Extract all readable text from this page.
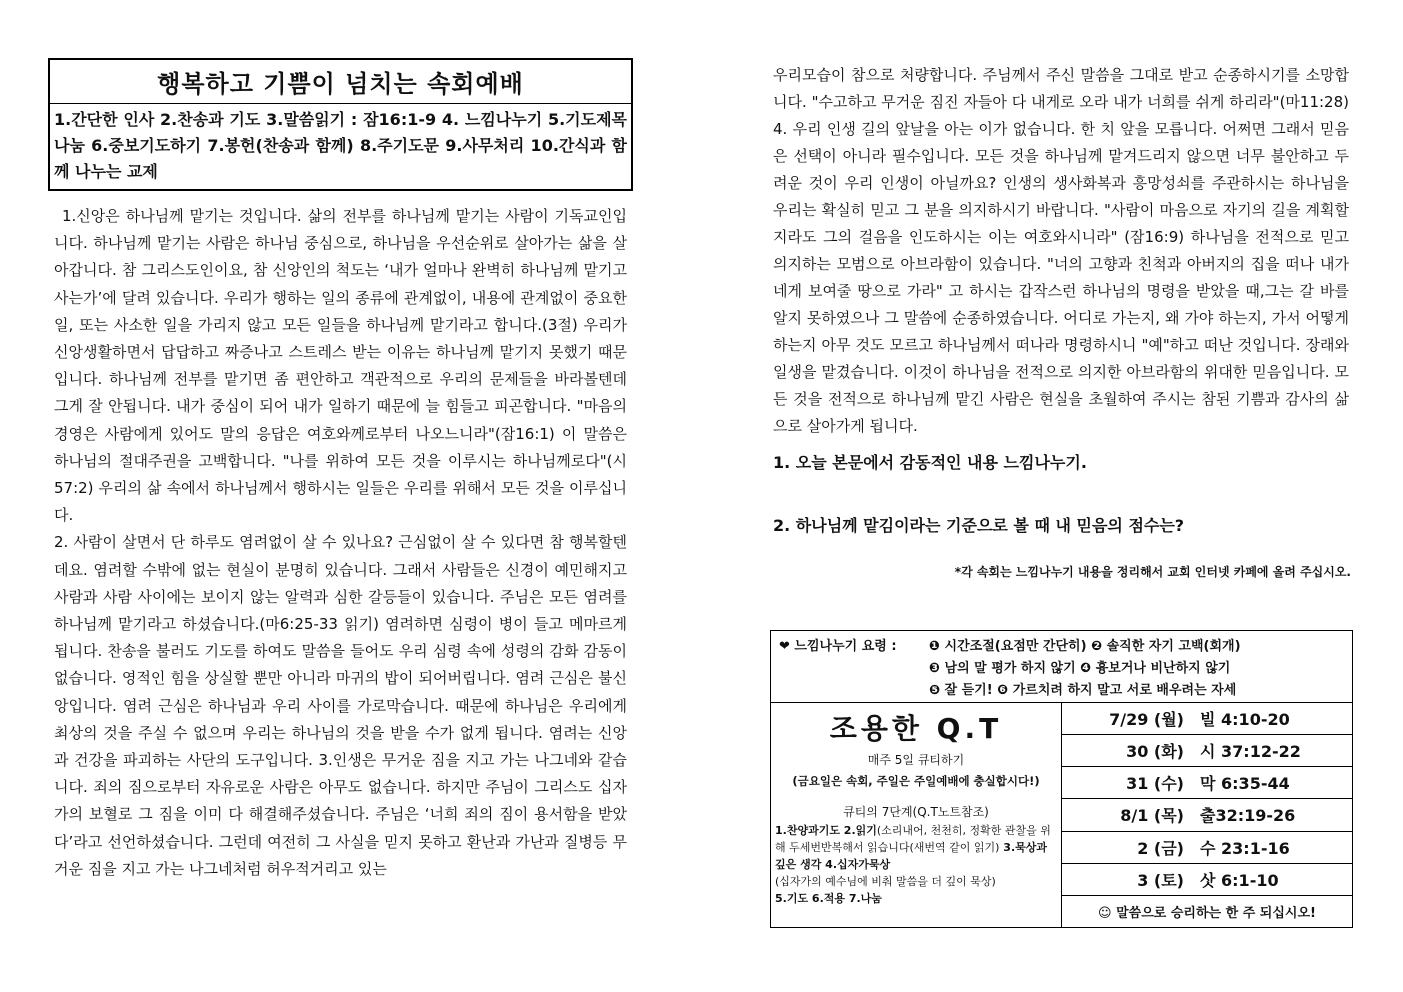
행복하고 기쁨이 넘치는 속회예배
1.간단한 인사 2.찬송과 기도 3.말씀읽기 : 잠16:1-9 4. 느낌나누기 5.기도제목 나눔 6.중보기도하기 7.봉헌(찬송과 함께) 8.주기도문 9.사무처리 10.간식과 함께 나누는 교제

1.신앙은 하나님께 맡기는 것입니다. 삶의 전부를 하나님께 맡기는 사람이 기독교인입니다. 하나님께 맡기는 사람은 하나님 중심으로, 하나님을 우선순위로 살아가는 삶을 살아갑니다. 참 그리스도인이요, 참 신앙인의 척도는 ‘내가 얼마나 완벽히 하나님께 맡기고 사는가’에 달려 있습니다. 우리가 행하는 일의 종류에 관계없이, 내용에 관계없이 중요한 일, 또는 사소한 일을 가리지 않고 모든 일들을 하나님께 맡기라고 합니다.(3절) 우리가 신앙생활하면서 답답하고 짜증나고 스트레스 받는 이유는 하나님께 맡기지 못했기 때문입니다. 하나님께 전부를 맡기면 좀 편안하고 객관적으로 우리의 문제들을 바라볼텐데 그게 잘 안됩니다. 내가 중심이 되어 내가 일하기 때문에 늘 힘들고 피곤합니다. "마음의 경영은 사람에게 있어도 말의 응답은 여호와께로부터 나오느니라"(잠16:1) 이 말씀은 하나님의 절대주권을 고백합니다. "나를 위하여 모든 것을 이루시는 하나님께로다"(시57:2) 우리의 삶 속에서 하나님께서 행하시는 일들은 우리를 위해서 모든 것을 이루십니다.

2. 사람이 살면서 단 하루도 염려없이 살 수 있나요? 근심없이 살 수 있다면 참 행복할텐데요. 염려할 수밖에 없는 현실이 분명히 있습니다. 그래서 사람들은 신경이 예민해지고 사람과 사람 사이에는 보이지 않는 알력과 심한 갈등들이 있습니다. 주님은 모든 염려를 하나님께 맡기라고 하셨습니다.(마6:25-33 읽기) 염려하면 심령이 병이 들고 메마르게 됩니다. 찬송을 불러도 기도를 하여도 말씀을 들어도 우리 심령 속에 성령의 감화 감동이 없습니다. 영적인 힘을 상실할 뿐만 아니라 마귀의 밥이 되어버립니다. 염려 근심은 불신앙입니다. 염려 근심은 하나님과 우리 사이를 가로막습니다. 때문에 하나님은 우리에게 최상의 것을 주실 수 없으며 우리는 하나님의 것을 받을 수가 없게 됩니다. 염려는 신앙과 건강을 파괴하는 사단의 도구입니다. 3.인생은 무거운 짐을 지고 가는 나그네와 같습니다. 죄의 짐으로부터 자유로운 사람은 아무도 없습니다. 하지만 주님이 그리스도 십자가의 보혈로 그 짐을 이미 다 해결해주셨습니다. 주님은 ‘너희 죄의 짐이 용서함을 받았다’라고 선언하셨습니다. 그런데 여전히 그 사실을 믿지 못하고 환난과 가난과 질병등 무거운 짐을 지고 가는 나그네처럼 허우적거리고 있는

우리모습이 참으로 처량합니다. 주님께서 주신 말씀을 그대로 받고 순종하시기를 소망합니다. "수고하고 무거운 짐진 자들아 다 내게로 오라 내가 너희를 쉬게 하리라"(마11:28) 4. 우리 인생 길의 앞날을 아는 이가 없습니다. 한 치 앞을 모릅니다. 어쩌면 그래서 믿음은 선택이 아니라 필수입니다. 모든 것을 하나님께 맡겨드리지 않으면 너무 불안하고 두려운 것이 우리 인생이 아닐까요? 인생의 생사화복과 흥망성쇠를 주관하시는 하나님을 우리는 확실히 믿고 그 분을 의지하시기 바랍니다. "사람이 마음으로 자기의 길을 계획할지라도 그의 걸음을 인도하시는 이는 여호와시니라" (잠16:9) 하나님을 전적으로 믿고 의지하는 모범으로 아브라함이 있습니다. "너의 고향과 친척과 아버지의 집을 떠나 내가 네게 보여줄 땅으로 가라" 고 하시는 갑작스런 하나님의 명령을 받았을 때,그는 갈 바를 알지 못하였으나 그 말씀에 순종하였습니다. 어디로 가는지, 왜 가야 하는지, 가서 어떻게 하는지 아무 것도 모르고 하나님께서 떠나라 명령하시니 "예"하고 떠난 것입니다. 장래와 일생을 맡겼습니다. 이것이 하나님을 전적으로 의지한 아브라함의 위대한 믿음입니다. 모든 것을 전적으로 하나님께 맡긴 사람은 현실을 초월하여 주시는 참된 기쁨과 감사의 삶으로 살아가게 됩니다.
1. 오늘 본문에서 감동적인 내용 느낌나누기.
2. 하나님께 맡김이라는 기준으로 볼 때 내 믿음의 점수는?
*각 속회는 느낌나누기 내용을 정리해서 교회 인터넷 카페에 올려 주십시오.
❤ 느낌나누기 요령 :	❶ 시간조절(요점만 간단히) ❷ 솔직한 자기 고백(회개)
❸ 남의 말 평가 하지 않기 ❹ 흉보거나 비난하지 않기
❺ 잘 듣기! ❻ 가르치려 하지 말고 서로 배우려는 자세
조용한 Q.T
매주 5일 큐티하기
(금요일은 속회, 주일은 주일예배에 충실합시다!)
큐티의 7단계(Q.T노트참조)
1.찬양과기도 2.읽기(소리내어, 천천히, 정확한 관찰을 위해 두세번반복해서 읽습니다(새번역 같이 읽기) 3.묵상과 깊은 생각 4.십자가묵상
(십자가의 예수님에 비춰 말씀을 더 깊이 묵상)
5.기도 6.적용 7.나눔
7/29 (월) 빌 4:10-20
30 (화) 시 37:12-22
31 (수) 막 6:35-44
8/1 (목) 출32:19-26
2 (금) 수 23:1-16
3 (토) 삿 6:1-10
☺ 말씀으로 승리하는 한 주 되십시오!
